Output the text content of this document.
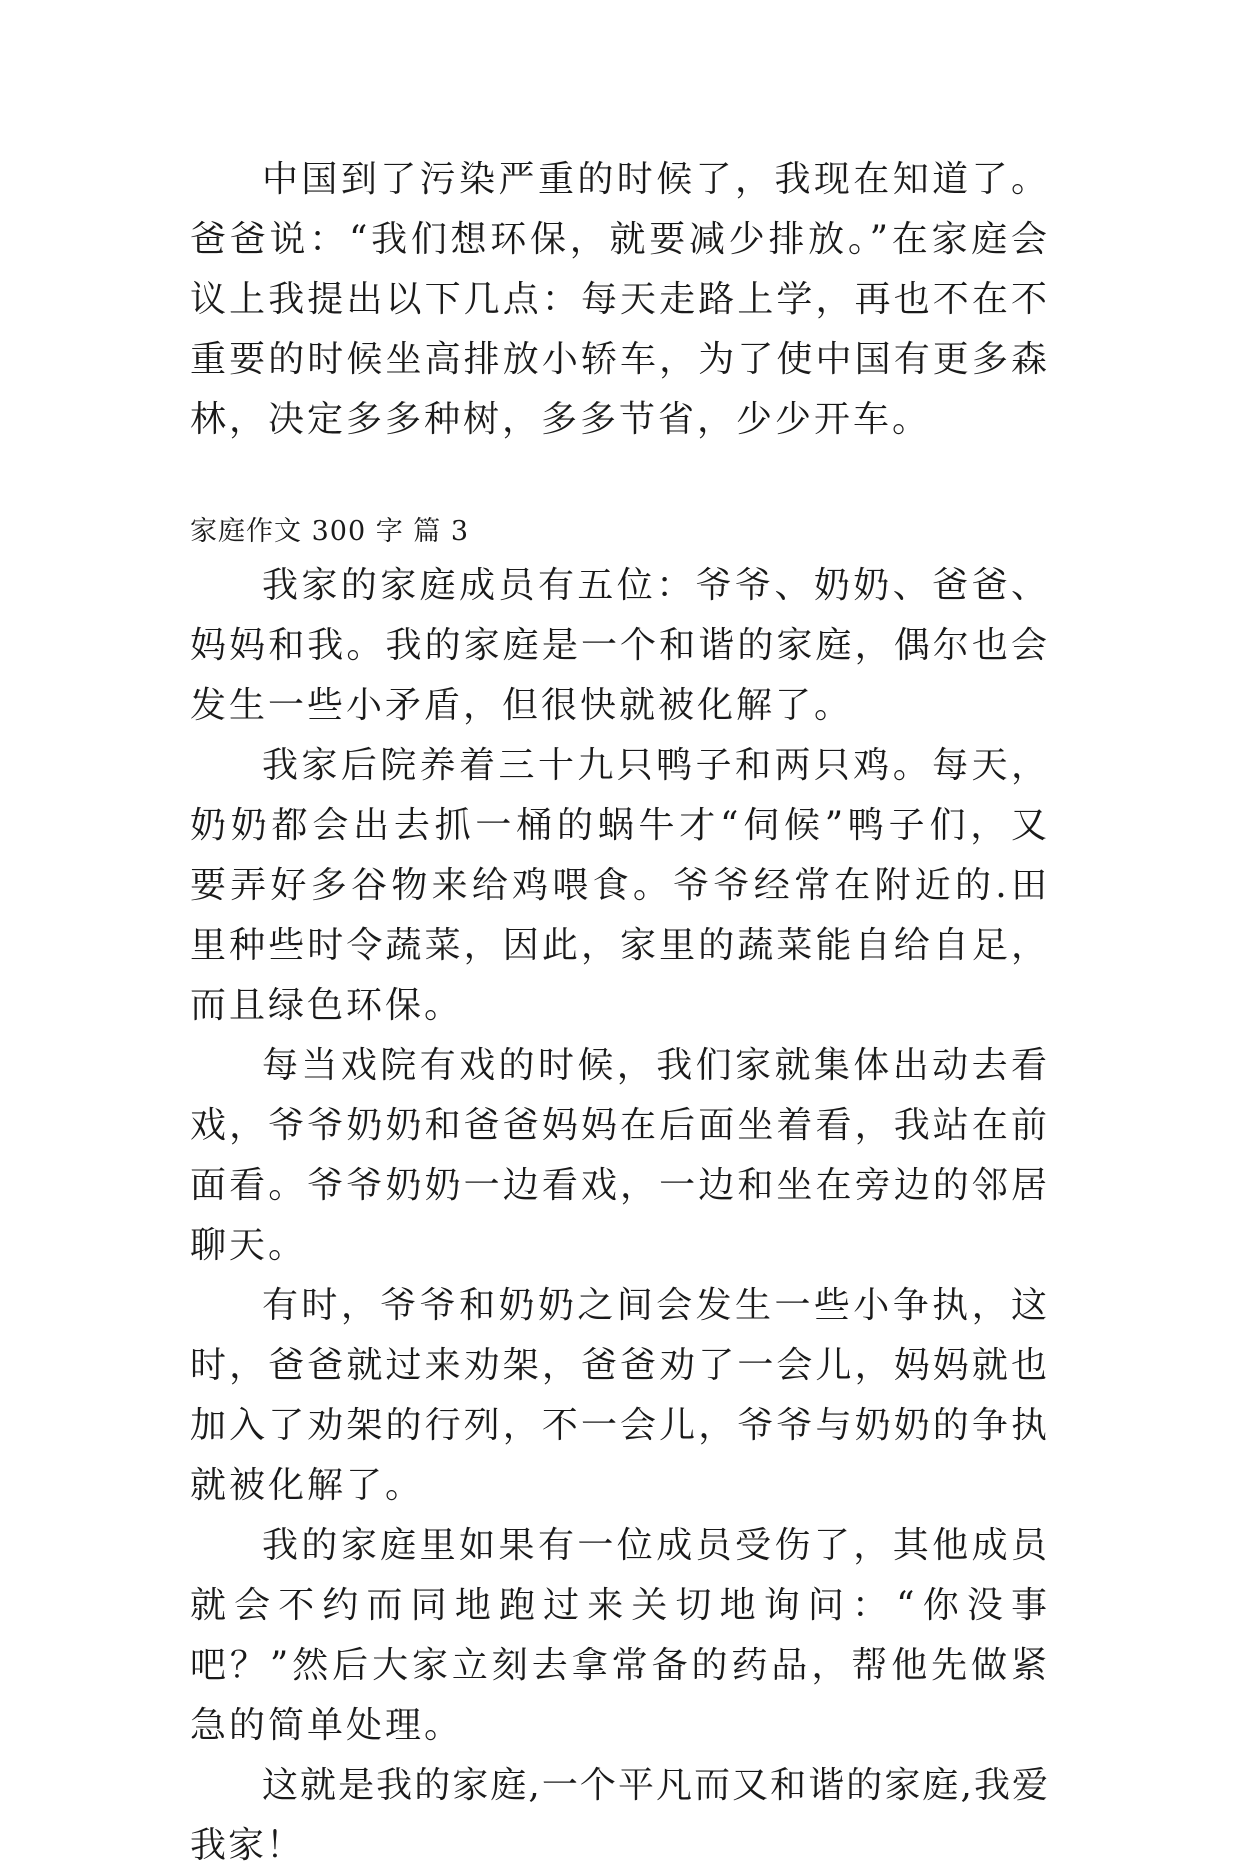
中国到了污染严重的时候了，我现在知道了。爸爸说：“我们想环保，就要减少排放。”在家庭会议上我提出以下几点：每天走路上学，再也不在不重要的时候坐高排放小轿车，为了使中国有更多森林，决定多多种树，多多节省，少少开车。

家庭作文 300 字 篇 3

我家的家庭成员有五位：爷爷、奶奶、爸爸、妈妈和我。我的家庭是一个和谐的家庭，偶尔也会发生一些小矛盾，但很快就被化解了。

我家后院养着三十九只鸭子和两只鸡。每天，奶奶都会出去抓一桶的蜗牛才“伺候”鸭子们，又要弄好多谷物来给鸡喂食。爷爷经常在附近的.田里种些时令蔬菜，因此，家里的蔬菜能自给自足，而且绿色环保。

每当戏院有戏的时候，我们家就集体出动去看戏，爷爷奶奶和爸爸妈妈在后面坐着看，我站在前面看。爷爷奶奶一边看戏，一边和坐在旁边的邻居聊天。

有时，爷爷和奶奶之间会发生一些小争执，这时，爸爸就过来劝架，爸爸劝了一会儿，妈妈就也加入了劝架的行列，不一会儿，爷爷与奶奶的争执就被化解了。

我的家庭里如果有一位成员受伤了，其他成员就会不约而同地跑过来关切地询问：“你没事吧？”然后大家立刻去拿常备的药品，帮他先做紧急的简单处理。

这就是我的家庭,一个平凡而又和谐的家庭,我爱我家！
